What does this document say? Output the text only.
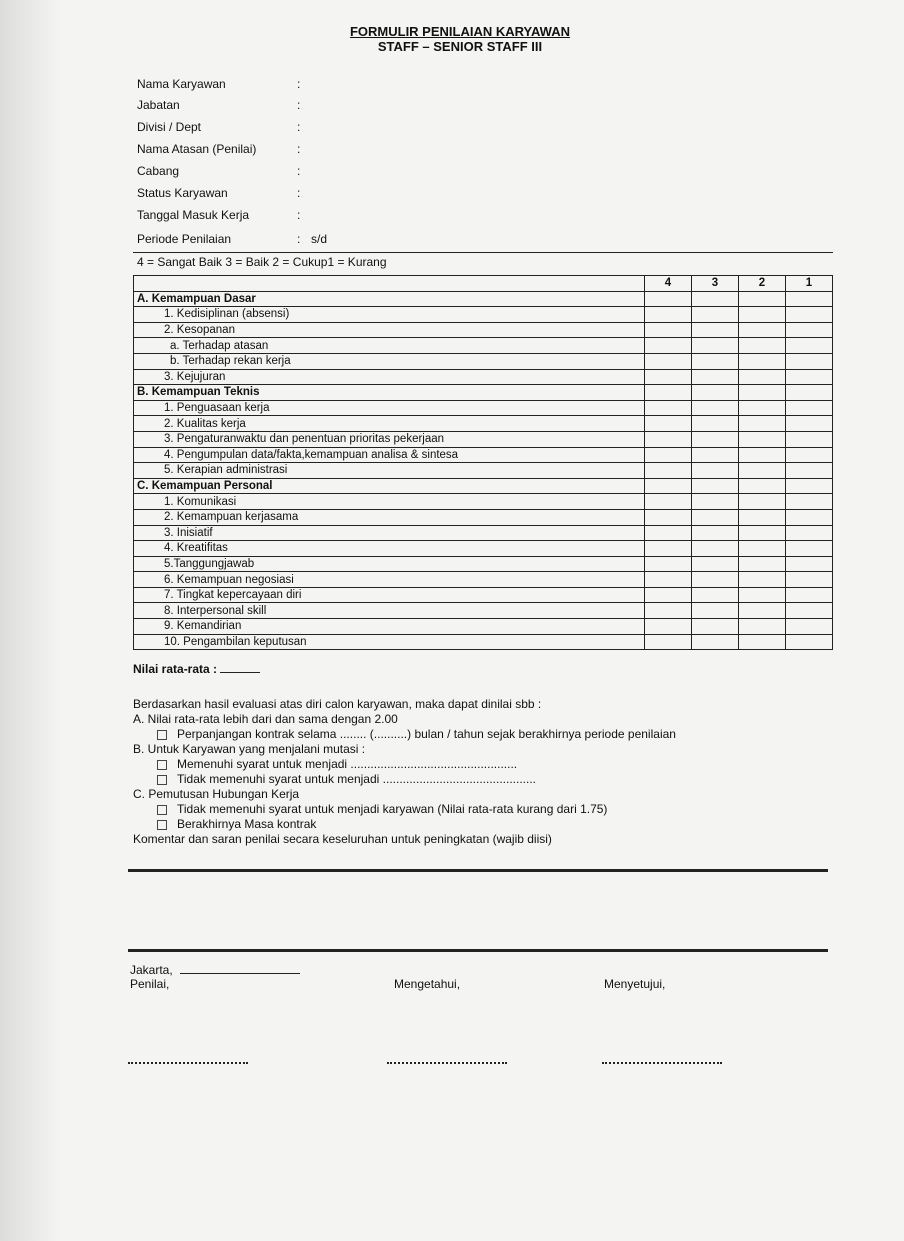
FORMULIR PENILAIAN KARYAWAN
STAFF – SENIOR STAFF III
Nama Karyawan	:
Jabatan	:
Divisi / Dept	:
Nama Atasan (Penilai)	:
Cabang	:
Status Karyawan	:
Tanggal Masuk Kerja	:
Periode Penilaian	: s/d
4 = Sangat Baik 3 = Baik 2 = Cukup1 = Kurang
	4	3	2	1
A. Kemampuan Dasar				
1. Kedisiplinan (absensi)				
2. Kesopanan				
a. Terhadap atasan				
b. Terhadap rekan kerja				
3. Kejujuran				
B. Kemampuan Teknis				
1. Penguasaan kerja				
2. Kualitas kerja				
3. Pengaturanwaktu dan penentuan prioritas pekerjaan				
4. Pengumpulan data/fakta,kemampuan analisa & sintesa				
5. Kerapian administrasi				
C. Kemampuan Personal				
1. Komunikasi				
2. Kemampuan kerjasama				
3. Inisiatif				
4. Kreatifitas				
5.Tanggungjawab				
6. Kemampuan negosiasi				
7. Tingkat kepercayaan diri				
8. Interpersonal skill				
9. Kemandirian				
10. Pengambilan keputusan				
Nilai rata-rata :
Berdasarkan hasil evaluasi atas diri calon karyawan, maka dapat dinilai sbb :
A. Nilai rata-rata lebih dari dan sama dengan 2.00
Perpanjangan kontrak selama ........ (..........) bulan / tahun sejak berakhirnya periode penilaian
B. Untuk Karyawan yang menjalani mutasi :
Memenuhi syarat untuk menjadi ..................................................
Tidak memenuhi syarat untuk menjadi ..............................................
C. Pemutusan Hubungan Kerja
Tidak memenuhi syarat untuk menjadi karyawan (Nilai rata-rata kurang dari 1.75)
Berakhirnya Masa kontrak
Komentar dan saran penilai secara keseluruhan untuk peningkatan (wajib diisi)
Jakarta,
Penilai,	Mengetahui,	Menyetujui,
